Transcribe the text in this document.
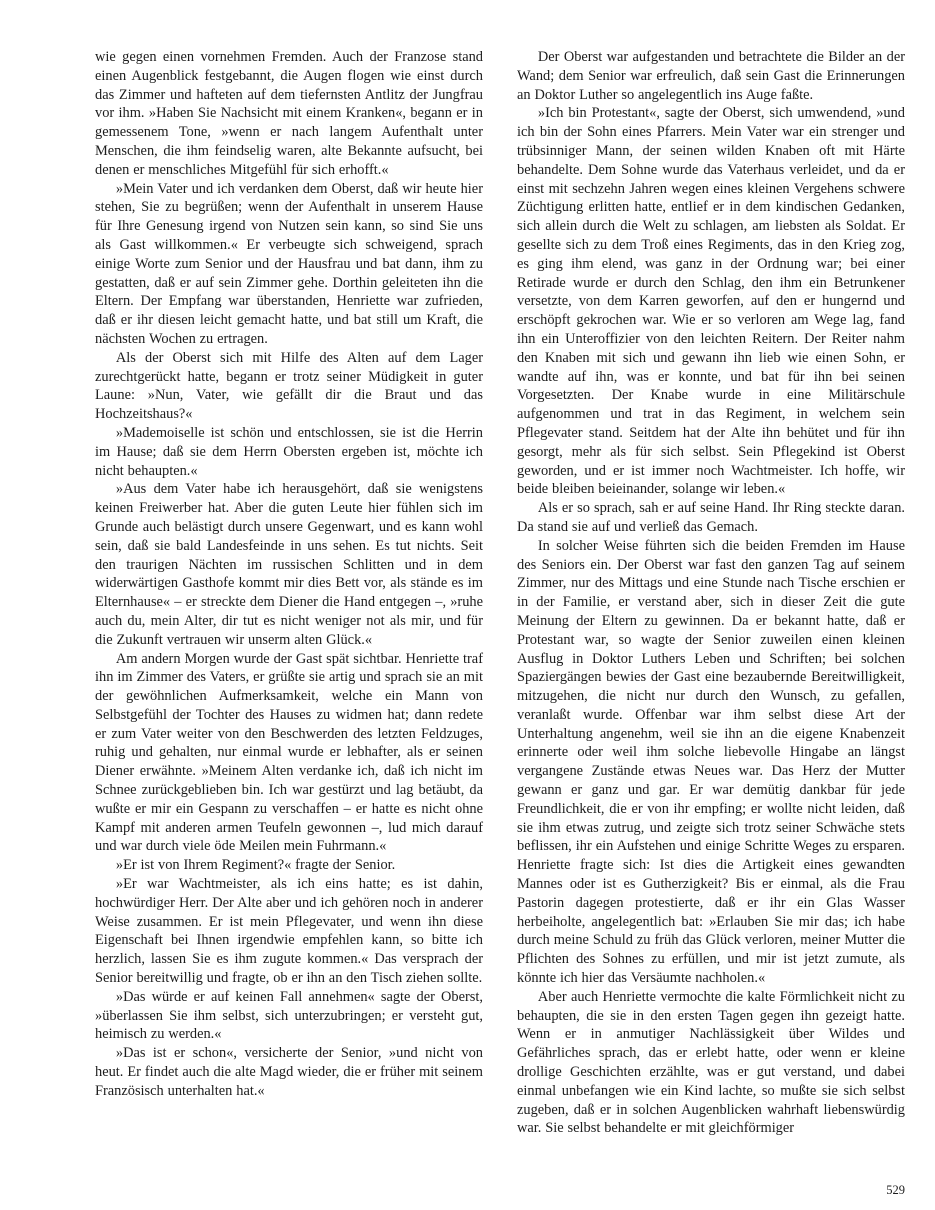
wie gegen einen vornehmen Fremden. Auch der Franzose stand einen Augenblick festgebannt, die Augen flogen wie einst durch das Zimmer und hafteten auf dem tiefernsten Antlitz der Jungfrau vor ihm. »Haben Sie Nachsicht mit einem Kranken«, begann er in gemessenem Tone, »wenn er nach langem Aufenthalt unter Menschen, die ihm feindselig waren, alte Bekannte aufsucht, bei denen er menschliches Mitgefühl für sich erhofft.«

»Mein Vater und ich verdanken dem Oberst, daß wir heute hier stehen, Sie zu begrüßen; wenn der Aufenthalt in unserem Hause für Ihre Genesung irgend von Nutzen sein kann, so sind Sie uns als Gast willkommen.« Er verbeugte sich schweigend, sprach einige Worte zum Senior und der Hausfrau und bat dann, ihm zu gestatten, daß er auf sein Zimmer gehe. Dorthin geleiteten ihn die Eltern. Der Empfang war überstanden, Henriette war zufrieden, daß er ihr diesen leicht gemacht hatte, und bat still um Kraft, die nächsten Wochen zu ertragen.

Als der Oberst sich mit Hilfe des Alten auf dem Lager zurechtgerückt hatte, begann er trotz seiner Müdigkeit in guter Laune: »Nun, Vater, wie gefällt dir die Braut und das Hochzeitshaus?«

»Mademoiselle ist schön und entschlossen, sie ist die Herrin im Hause; daß sie dem Herrn Obersten ergeben ist, möchte ich nicht behaupten.«

»Aus dem Vater habe ich herausgehört, daß sie wenigstens keinen Freiwerber hat. Aber die guten Leute hier fühlen sich im Grunde auch belästigt durch unsere Gegenwart, und es kann wohl sein, daß sie bald Landesfeinde in uns sehen. Es tut nichts. Seit den traurigen Nächten im russischen Schlitten und in dem widerwärtigen Gasthofe kommt mir dies Bett vor, als stände es im Elternhause« – er streckte dem Diener die Hand entgegen –, »ruhe auch du, mein Alter, dir tut es nicht weniger not als mir, und für die Zukunft vertrauen wir unserm alten Glück.«

Am andern Morgen wurde der Gast spät sichtbar. Henriette traf ihn im Zimmer des Vaters, er grüßte sie artig und sprach sie an mit der gewöhnlichen Aufmerksamkeit, welche ein Mann von Selbstgefühl der Tochter des Hauses zu widmen hat; dann redete er zum Vater weiter von den Beschwerden des letzten Feldzuges, ruhig und gehalten, nur einmal wurde er lebhafter, als er seinen Diener erwähnte. »Meinem Alten verdanke ich, daß ich nicht im Schnee zurückgeblieben bin. Ich war gestürzt und lag betäubt, da wußte er mir ein Gespann zu verschaffen – er hatte es nicht ohne Kampf mit anderen armen Teufeln gewonnen –, lud mich darauf und war durch viele öde Meilen mein Fuhrmann.«

»Er ist von Ihrem Regiment?« fragte der Senior.

»Er war Wachtmeister, als ich eins hatte; es ist dahin, hochwürdiger Herr. Der Alte aber und ich gehören noch in anderer Weise zusammen. Er ist mein Pflegevater, und wenn ihn diese Eigenschaft bei Ihnen irgendwie empfehlen kann, so bitte ich herzlich, lassen Sie es ihm zugute kommen.« Das versprach der Senior bereitwillig und fragte, ob er ihn an den Tisch ziehen sollte.

»Das würde er auf keinen Fall annehmen« sagte der Oberst, »überlassen Sie ihm selbst, sich unterzubringen; er versteht gut, heimisch zu werden.«

»Das ist er schon«, versicherte der Senior, »und nicht von heut. Er findet auch die alte Magd wieder, die er früher mit seinem Französisch unterhalten hat.«

Der Oberst war aufgestanden und betrachtete die Bilder an der Wand; dem Senior war erfreulich, daß sein Gast die Erinnerungen an Doktor Luther so angelegentlich ins Auge faßte.

»Ich bin Protestant«, sagte der Oberst, sich umwendend, »und ich bin der Sohn eines Pfarrers. Mein Vater war ein strenger und trübsinniger Mann, der seinen wilden Knaben oft mit Härte behandelte. Dem Sohne wurde das Vaterhaus verleidet, und da er einst mit sechzehn Jahren wegen eines kleinen Vergehens schwere Züchtigung erlitten hatte, entlief er in dem kindischen Gedanken, sich allein durch die Welt zu schlagen, am liebsten als Soldat. Er gesellte sich zu dem Troß eines Regiments, das in den Krieg zog, es ging ihm elend, was ganz in der Ordnung war; bei einer Retirade wurde er durch den Schlag, den ihm ein Betrunkener versetzte, von dem Karren geworfen, auf den er hungernd und erschöpft gekrochen war. Wie er so verloren am Wege lag, fand ihn ein Unteroffizier von den leichten Reitern. Der Reiter nahm den Knaben mit sich und gewann ihn lieb wie einen Sohn, er wandte auf ihn, was er konnte, und bat für ihn bei seinen Vorgesetzten. Der Knabe wurde in eine Militärschule aufgenommen und trat in das Regiment, in welchem sein Pflegevater stand. Seitdem hat der Alte ihn behütet und für ihn gesorgt, mehr als für sich selbst. Sein Pflegekind ist Oberst geworden, und er ist immer noch Wachtmeister. Ich hoffe, wir beide bleiben beieinander, solange wir leben.«

Als er so sprach, sah er auf seine Hand. Ihr Ring steckte daran. Da stand sie auf und verließ das Gemach.

In solcher Weise führten sich die beiden Fremden im Hause des Seniors ein. Der Oberst war fast den ganzen Tag auf seinem Zimmer, nur des Mittags und eine Stunde nach Tische erschien er in der Familie, er verstand aber, sich in dieser Zeit die gute Meinung der Eltern zu gewinnen. Da er bekannt hatte, daß er Protestant war, so wagte der Senior zuweilen einen kleinen Ausflug in Doktor Luthers Leben und Schriften; bei solchen Spaziergängen bewies der Gast eine bezaubernde Bereitwilligkeit, mitzugehen, die nicht nur durch den Wunsch, zu gefallen, veranlaßt wurde. Offenbar war ihm selbst diese Art der Unterhaltung angenehm, weil sie ihn an die eigene Knabenzeit erinnerte oder weil ihm solche liebevolle Hingabe an längst vergangene Zustände etwas Neues war. Das Herz der Mutter gewann er ganz und gar. Er war demütig dankbar für jede Freundlichkeit, die er von ihr empfing; er wollte nicht leiden, daß sie ihm etwas zutrug, und zeigte sich trotz seiner Schwäche stets beflissen, ihr ein Aufstehen und einige Schritte Weges zu ersparen. Henriette fragte sich: Ist dies die Artigkeit eines gewandten Mannes oder ist es Gutherzigkeit? Bis er einmal, als die Frau Pastorin dagegen protestierte, daß er ihr ein Glas Wasser herbeiholte, angelegentlich bat: »Erlauben Sie mir das; ich habe durch meine Schuld zu früh das Glück verloren, meiner Mutter die Pflichten des Sohnes zu erfüllen, und mir ist jetzt zumute, als könnte ich hier das Versäumte nachholen.«

Aber auch Henriette vermochte die kalte Förmlichkeit nicht zu behaupten, die sie in den ersten Tagen gegen ihn gezeigt hatte. Wenn er in anmutiger Nachlässigkeit über Wildes und Gefährliches sprach, das er erlebt hatte, oder wenn er kleine drollige Geschichten erzählte, was er gut verstand, und dabei einmal unbefangen wie ein Kind lachte, so mußte sie sich selbst zugeben, daß er in solchen Augenblicken wahrhaft liebenswürdig war. Sie selbst behandelte er mit gleichförmiger

529
